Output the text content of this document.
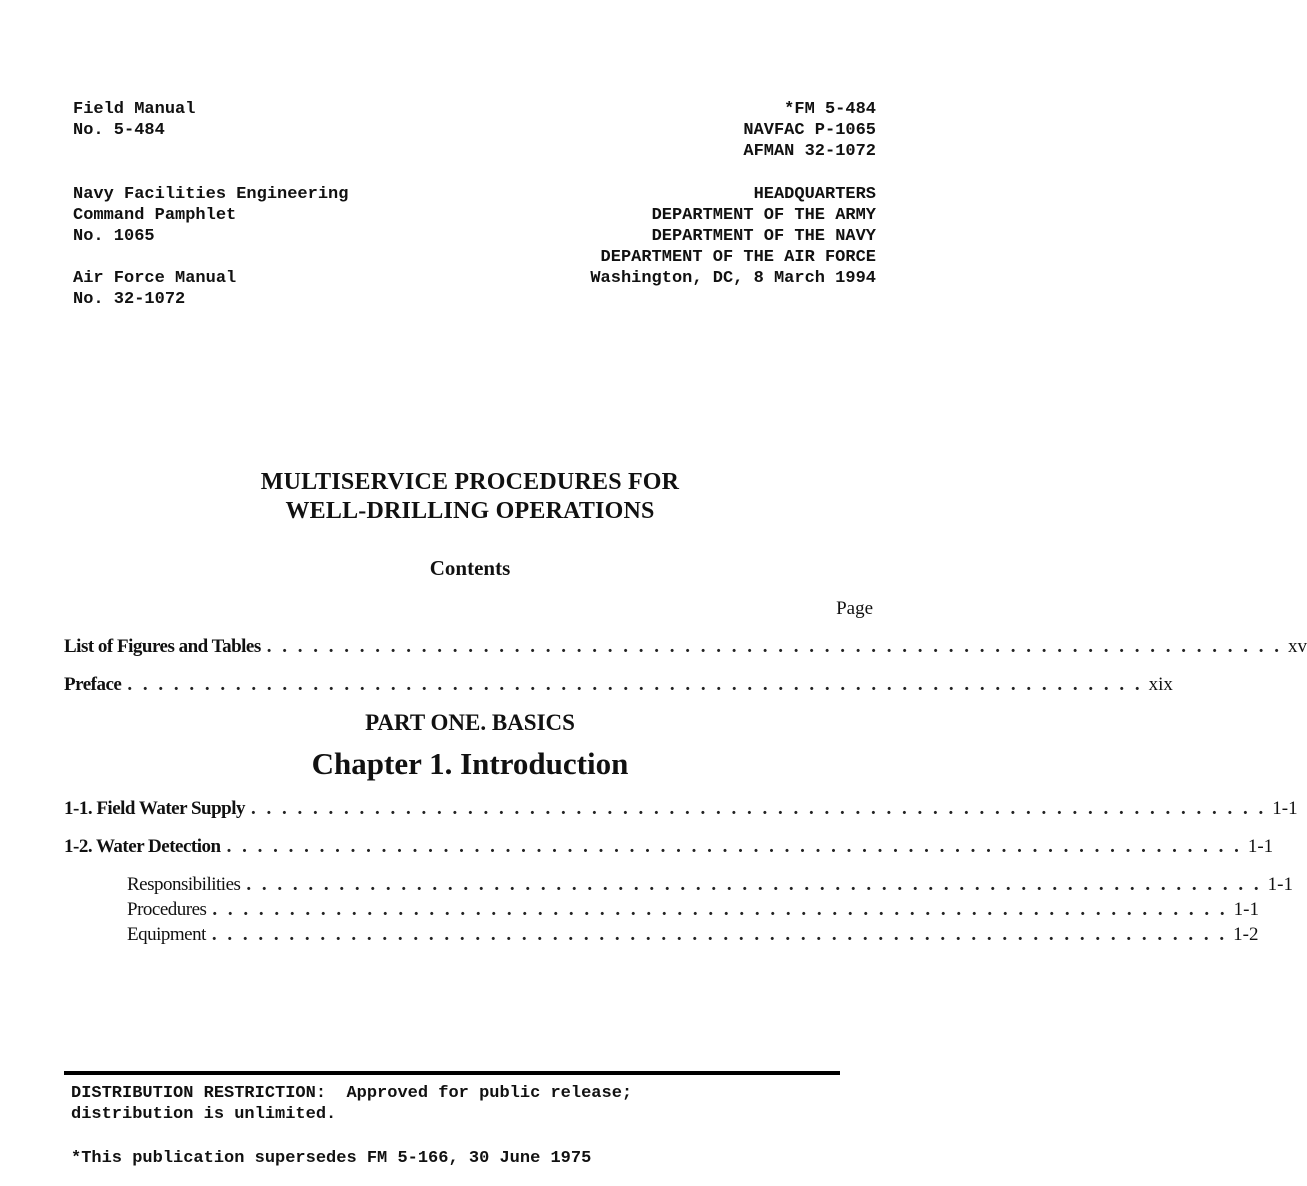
Field Manual
No. 5-484
Navy Facilities Engineering
Command Pamphlet
No. 1065
Air Force Manual
No. 32-1072
*FM 5-484
NAVFAC P-1065
AFMAN 32-1072
HEADQUARTERS
DEPARTMENT OF THE ARMY
DEPARTMENT OF THE NAVY
DEPARTMENT OF THE AIR FORCE
Washington, DC, 8 March 1994
MULTISERVICE PROCEDURES FOR
WELL-DRILLING OPERATIONS
Contents
Page
List of Figures and Tables . . . . . . . . . . . . . . . . . . . . . . . . . . . . . . . . . . . . . . . . . . . . . . . . . . . . . . . . . . . . . . . . . . xv
Preface . . . . . . . . . . . . . . . . . . . . . . . . . . . . . . . . . . . . . . . . . . . . . . . . . . . . . . . . . . . . . . . . . . xix
PART ONE. BASICS
Chapter 1. Introduction
1-1. Field Water Supply . . . . . . . . . . . . . . . . . . . . . . . . . . . . . . . . . . . . . . . . . . . . . . . . . . . . . . . . . . . . . . . . . . 1-1
1-2. Water Detection . . . . . . . . . . . . . . . . . . . . . . . . . . . . . . . . . . . . . . . . . . . . . . . . . . . . . . . . . . . . . . . . . . 1-1
Responsibilities . . . . . . . . . . . . . . . . . . . . . . . . . . . . . . . . . . . . . . . . . . . . . . . . . . . . . . . . . . . . . . . . . . 1-1
Procedures . . . . . . . . . . . . . . . . . . . . . . . . . . . . . . . . . . . . . . . . . . . . . . . . . . . . . . . . . . . . . . . . . . 1-1
Equipment . . . . . . . . . . . . . . . . . . . . . . . . . . . . . . . . . . . . . . . . . . . . . . . . . . . . . . . . . . . . . . . . . . 1-2
DISTRIBUTION RESTRICTION:  Approved for public release;
distribution is unlimited.
*This publication supersedes FM 5-166, 30 June 1975
